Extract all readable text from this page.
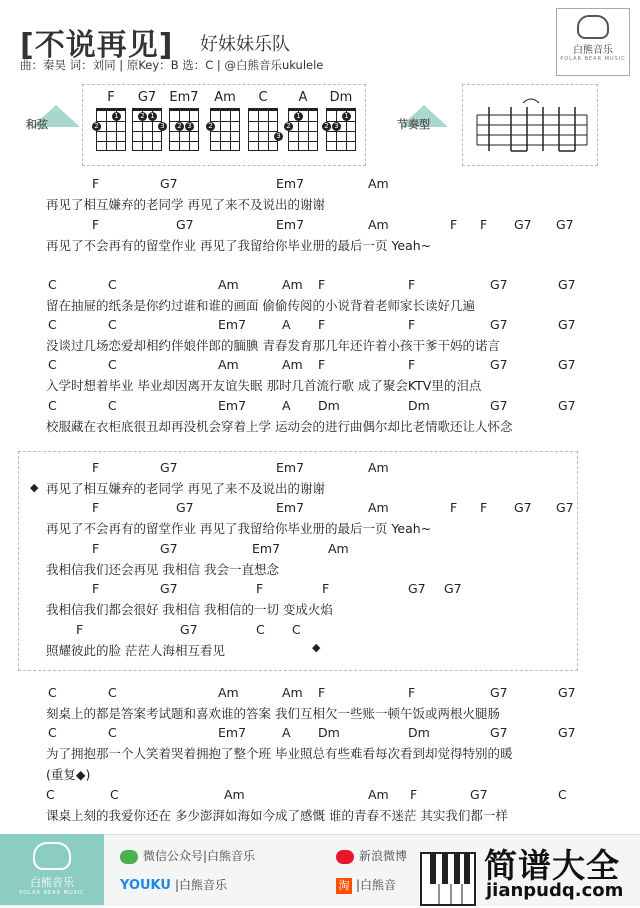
[不说再见] 好妹妹乐队
曲：秦昊 词：刘同 | 原Key：B 选：C | @白熊音乐ukulele
白熊音乐
POLAR BEAR MUSIC
和弦
F
2
1
G7
2 1
3
Em7
2 3
Am
2
C
3
A
2
1
Dm
2 3
1
节奏型
F	G7	Em7	Am
再见了相互嫌弃的老同学 再见了来不及说出的谢谢
F	G7	Em7	Am	F F G7 G7
再见了不会再有的留堂作业 再见了我留给你毕业册的最后一页 Yeah~
C	C	Am	Am F	F	G7	G7
留在抽屉的纸条是你约过谁和谁的画面 偷偷传阅的小说背着老师家长读好几遍
C	C	Em7	A F	F	G7	G7
没谈过几场恋爱却相约伴娘伴郎的腼腆 青春发育那几年还许着小孩干爹干妈的诺言
C	C	Am	Am F	F	G7	G7
入学时想着毕业 毕业却因离开友谊失眠 那时几首流行歌 成了聚会KTV里的泪点
C	C	Em7	A Dm	Dm	G7	G7
校服藏在衣柜底很丑却再没机会穿着上学 运动会的进行曲偶尔却比老情歌还让人怀念
F	G7	Em7	Am
再见了相互嫌弃的老同学 再见了来不及说出的谢谢
F	G7	Em7	Am	F F G7 G7
再见了不会再有的留堂作业 再见了我留给你毕业册的最后一页 Yeah~
F	G7	Em7	Am
我相信我们还会再见 我相信 我会一直想念
F	G7	F	F	G7 G7
我相信我们都会很好 我相信 我相信的一切 变成火焰
F	G7	C C
照耀彼此的脸 茫茫人海相互看见
C	C	Am	Am F	F	G7	G7
刻桌上的都是答案考试题和喜欢谁的答案 我们互相欠一些账一顿午饭或两根火腿肠
C	C	Em7	A Dm	Dm	G7	G7
为了拥抱那一个人笑着哭着拥抱了整个班 毕业照总有些难看每次看到却觉得特别的暖
(重复◆)
C	C	Am	Am F	G7	C
课桌上刻的我爱你还在 多少澎湃如海如今成了感慨 谁的青春不迷茫 其实我们都一样
◆
◆
白熊音乐
POLAR BEAR MUSIC
微信公众号|白熊音乐	新浪微博
YOUKU |白熊音乐	淘 |白熊音	简谱大全
jianpudq.com
